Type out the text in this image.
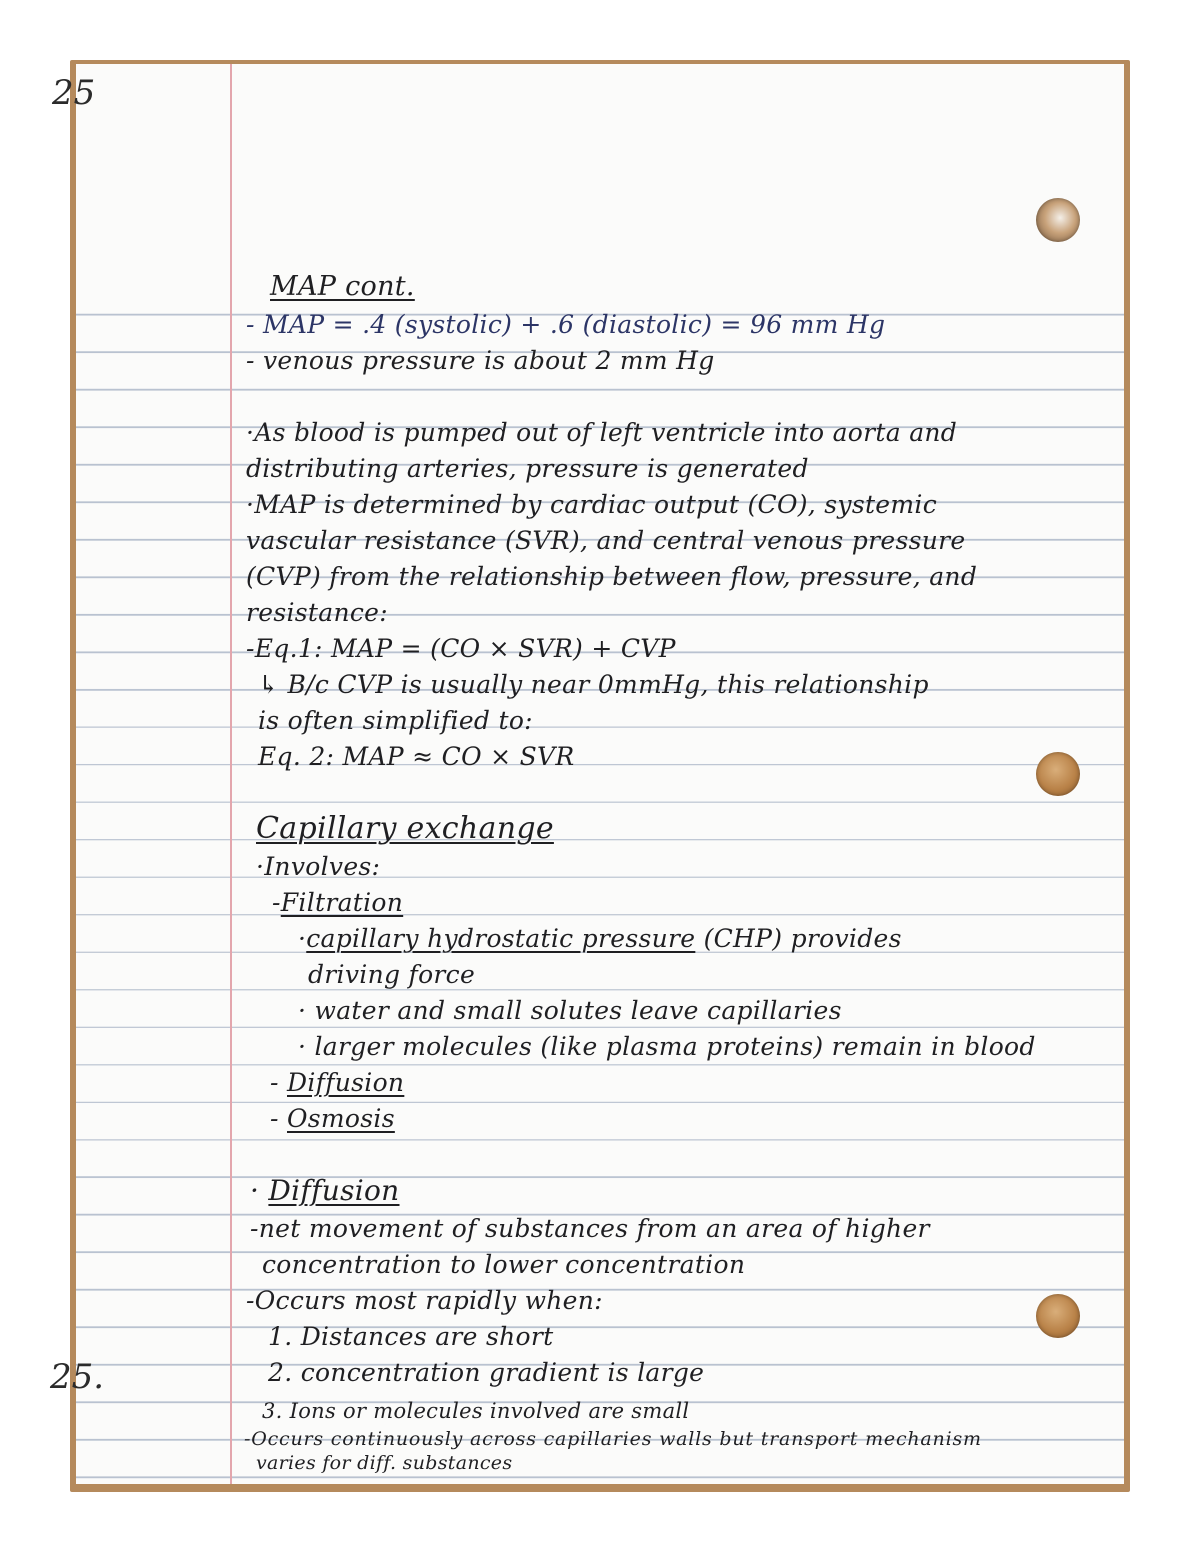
25
25.
MAP cont.
- MAP = .4 (systolic) + .6 (diastolic) = 96 mm Hg
- venous pressure is about 2 mm Hg
·As blood is pumped out of left ventricle into aorta and
distributing arteries, pressure is generated
·MAP is determined by cardiac output (CO), systemic
vascular resistance (SVR), and central venous pressure
(CVP) from the relationship between flow, pressure, and
resistance:
-Eq.1: MAP = (CO × SVR) + CVP
↳ B/c CVP is usually near 0mmHg, this relationship
is often simplified to:
Eq. 2: MAP ≈ CO × SVR
Capillary exchange
·Involves:
-Filtration
·capillary hydrostatic pressure (CHP) provides
driving force
· water and small solutes leave capillaries
· larger molecules (like plasma proteins) remain in blood
- Diffusion
- Osmosis
· Diffusion
-net movement of substances from an area of higher
concentration to lower concentration
-Occurs most rapidly when:
1. Distances are short
2. concentration gradient is large
3. Ions or molecules involved are small
-Occurs continuously across capillaries walls but transport mechanism
varies for diff. substances
